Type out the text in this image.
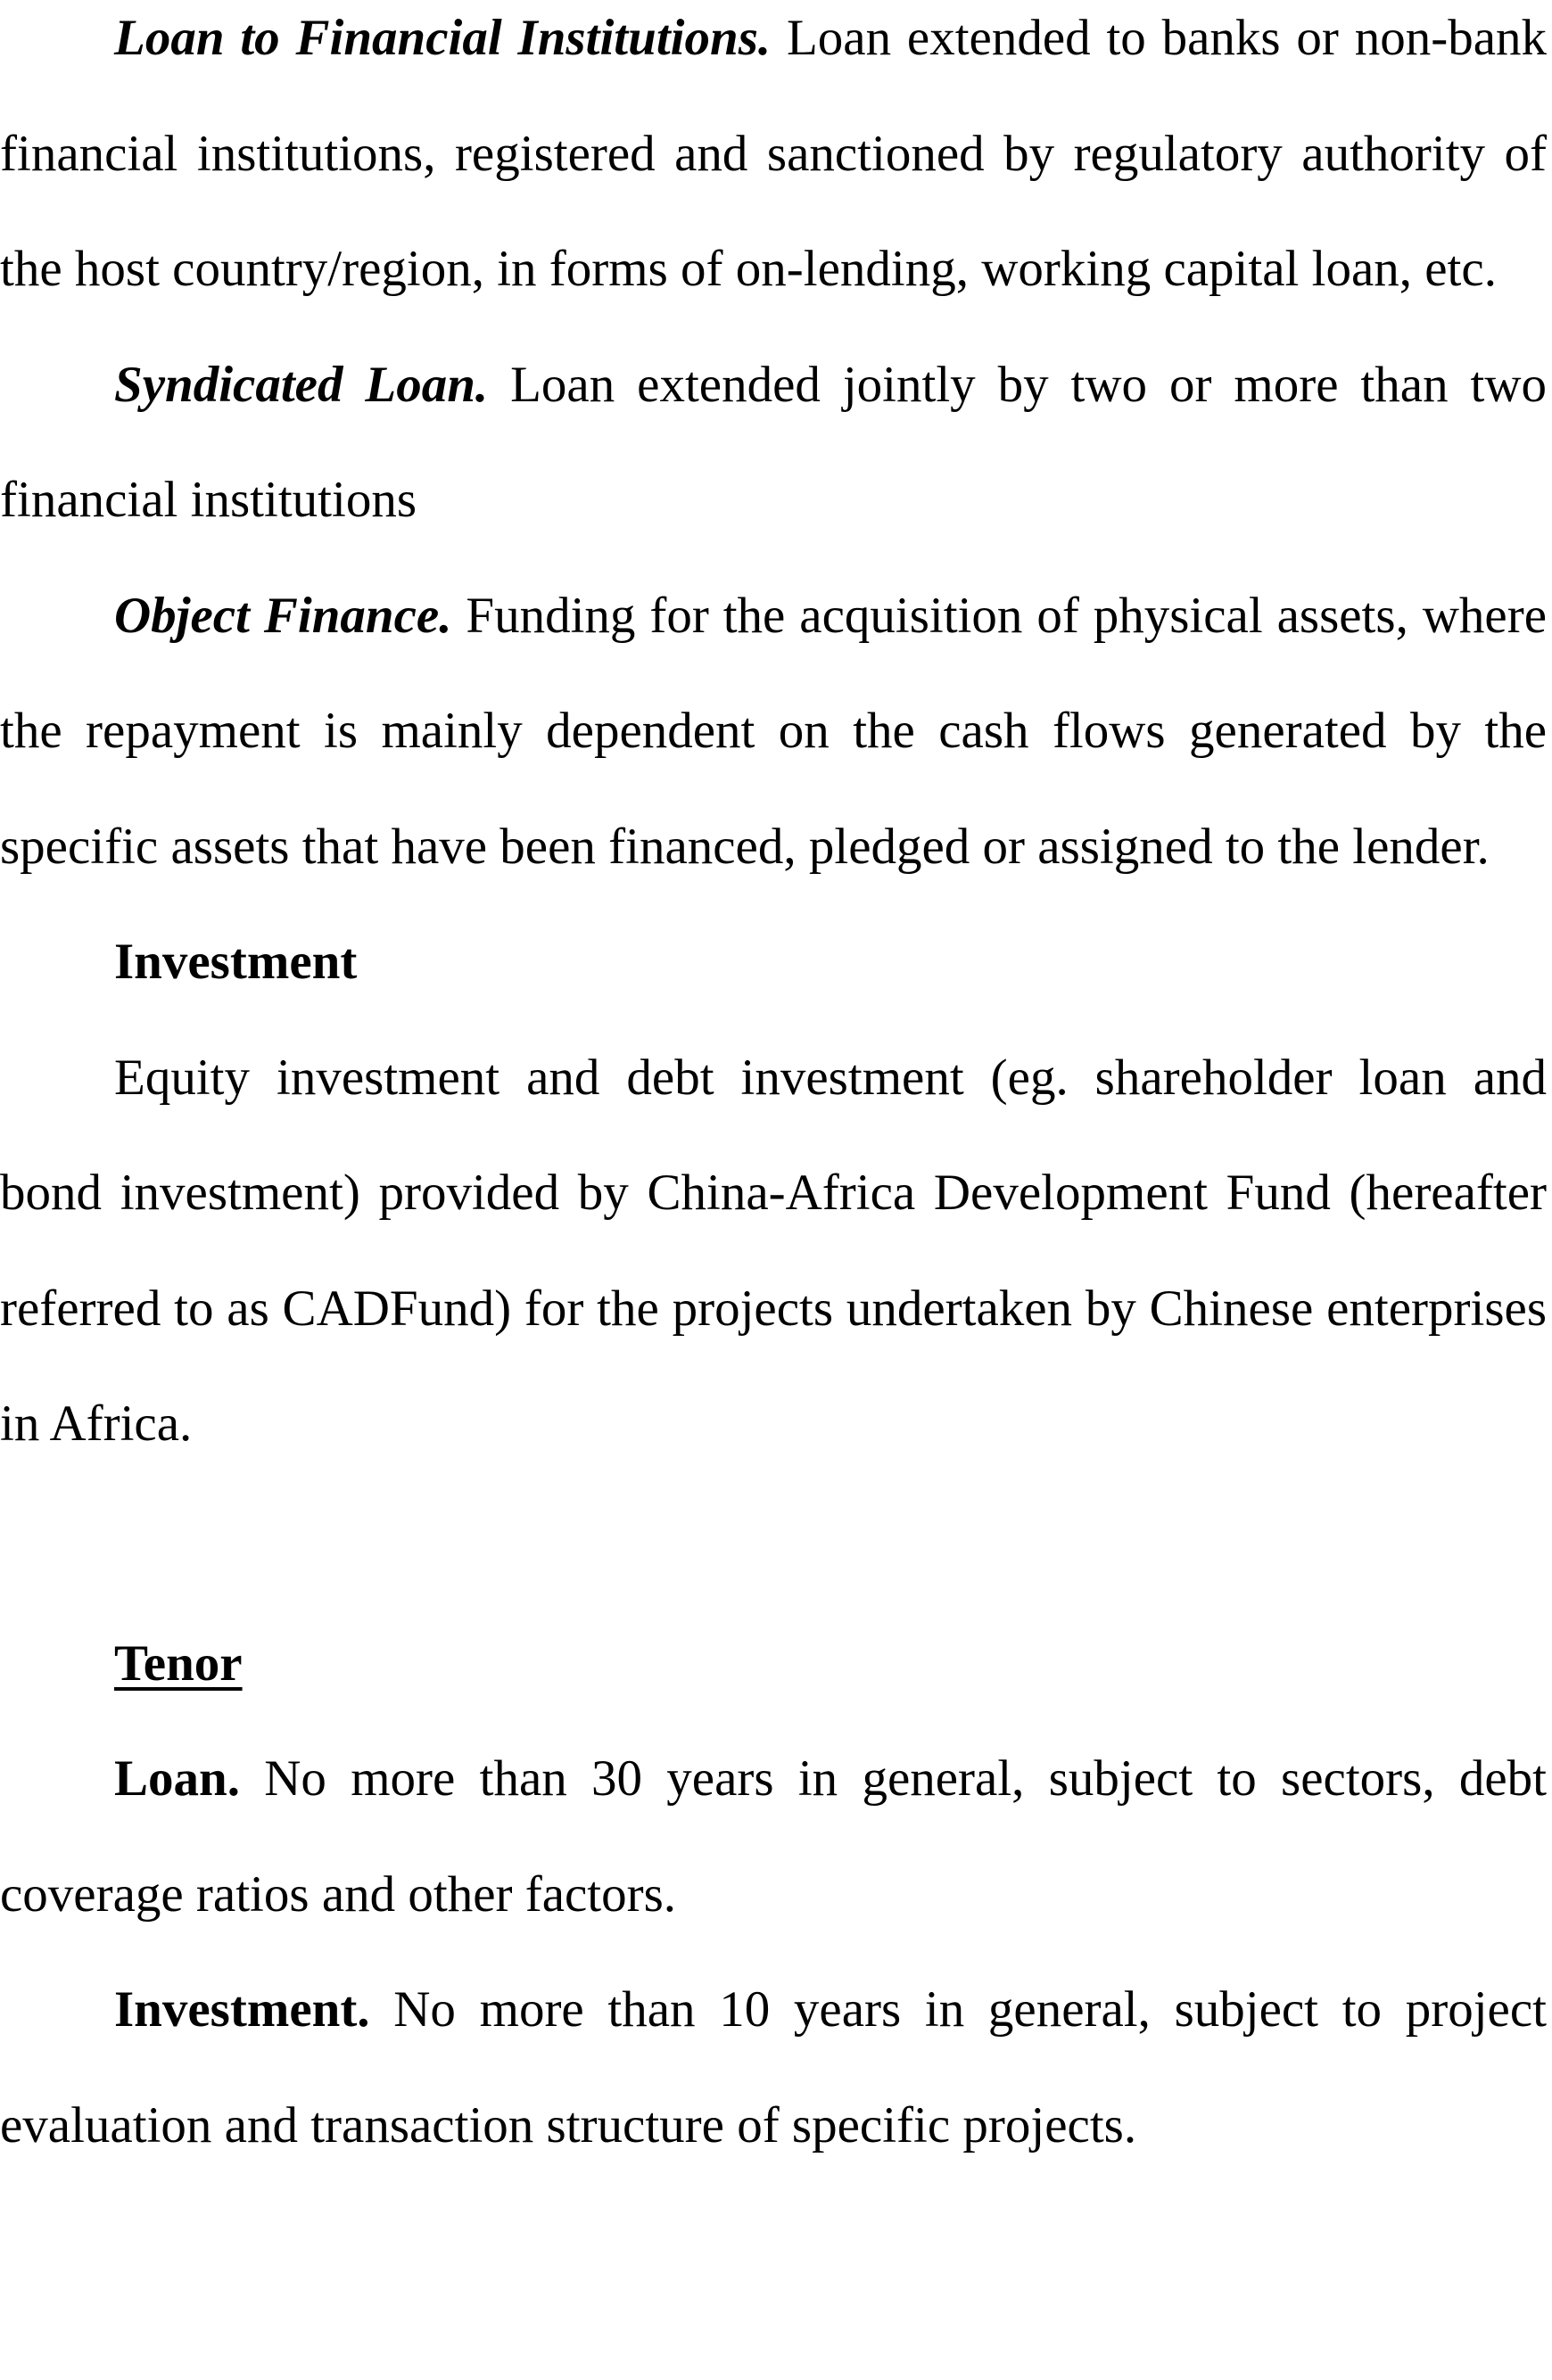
Loan to Financial Institutions. Loan extended to banks or non-bank financial institutions, registered and sanctioned by regulatory authority of the host country/region, in forms of on-lending, working capital loan, etc.

Syndicated Loan. Loan extended jointly by two or more than two financial institutions

Object Finance. Funding for the acquisition of physical assets, where the repayment is mainly dependent on the cash flows generated by the specific assets that have been financed, pledged or assigned to the lender.

Investment

Equity investment and debt investment (eg. shareholder loan and bond investment) provided by China-Africa Development Fund (hereafter referred to as CADFund) for the projects undertaken by Chinese enterprises in Africa.

Tenor

Loan. No more than 30 years in general, subject to sectors, debt coverage ratios and other factors.

Investment. No more than 10 years in general, subject to project evaluation and transaction structure of specific projects.
